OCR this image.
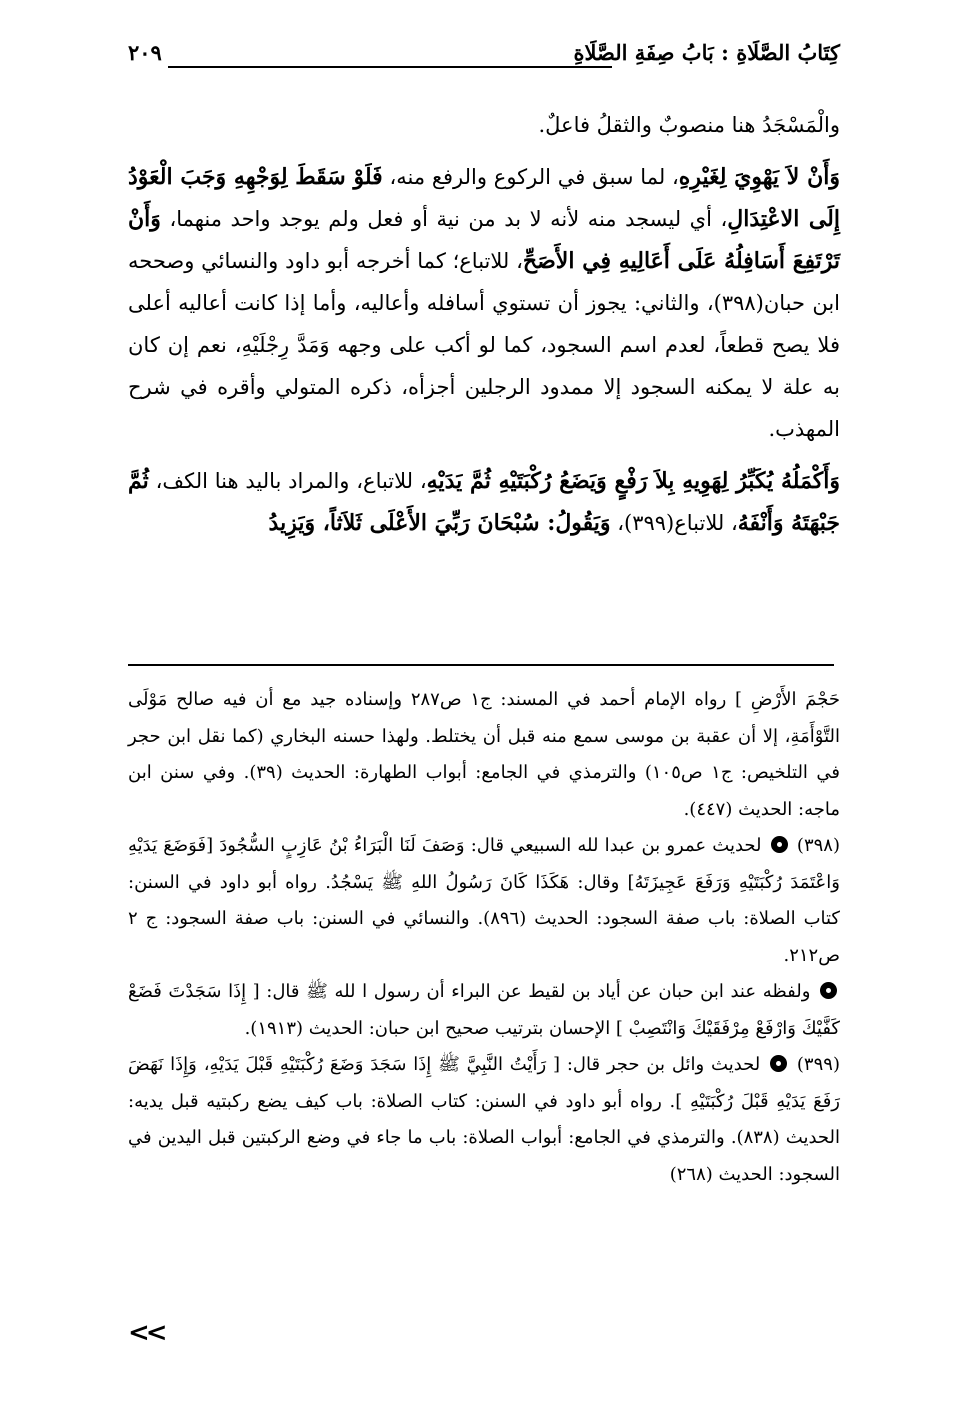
كِتَابُ الصَّلَاةِ : بَابُ صِفَةِ الصَّلَاةِ
٢٠٩

والْمَسْجَدُ هنا منصوبٌ والثقلُ فاعلٌ.

وَأَنْ لاَ يَهْوِيَ لِغَيْرِهِ، لما سبق في الركوع والرفع منه، فَلَوْ سَقَطَ لِوَجْهِهِ وَجَبَ الْعَوْدُ إِلَى الاعْتِدَالِ، أي ليسجد منه لأنه لا بد من نية أو فعل ولم يوجد واحد منهما، وَأَنْ تَرْتَفِعَ أَسَافِلُهُ عَلَى أَعَالِيهِ فِي الأَصَحِّ، للاتباع؛ كما أخرجه أبو داود والنسائي وصححه ابن حبان(٣٩٨)، والثاني: يجوز أن تستوي أسافله وأعاليه، وأما إذا كانت أعاليه أعلى فلا يصح قطعاً، لعدم اسم السجود، كما لو أكب على وجهه وَمَدَّ رِجْلَيْهِ، نعم إن كان به علة لا يمكنه السجود إلا ممدود الرجلين أجزأه، ذكره المتولي وأقره في شرح المهذب.

وَأَكْمَلُهُ يُكَبِّرُ لِهَوِيهِ بِلاَ رَفْعٍ وَيَضَعُ رُكْبَتَيْهِ ثُمَّ يَدَيْهِ، للاتباع، والمراد باليد هنا الكف، ثُمَّ جَبْهَتَهُ وَأَنْفَهُ، للاتباع(٣٩٩)، وَيَقُولُ: سُبْحَانَ رَبِّيَ الأَعْلَى ثَلاَثاً، وَيَزِيدُ

حَجْمَ الأَرْضِ ] رواه الإمام أحمد في المسند: ج١ ص٢٨٧ وإسناده جيد مع أن فيه صالح مَوْلَى التَّوْأَمَةِ، إلا أن عقبة بن موسى سمع منه قبل أن يختلط. ولهذا حسنه البخاري (كما نقل ابن حجر في التلخيص: ج١ ص١٠٥) والترمذي في الجامع: أبواب الطهارة: الحديث (٣٩). وفي سنن ابن ماجه: الحديث (٤٤٧).

(٣٩٨)  لحديث عمرو بن عبدا لله السبيعي قال: وَصَفَ لَنَا الْبَرَاءُ بْنُ عَازِبٍ السُّجُودَ [فَوَضَعَ يَدَيْهِ وَاعْتَمَدَ رُكْبَتَيْهِ وَرَفَعَ عَجِيزَتَهُ] وقال: هَكَذَا كَانَ رَسُولُ اللهِ ﷺ يَسْجُدُ. رواه أبو داود في السنن: كتاب الصلاة: باب صفة السجود: الحديث (٨٩٦). والنسائي في السنن: باب صفة السجود: ج ٢ ص٢١٢.

ولفظه عند ابن حبان عن أياد بن لقيط عن البراء أن رسول ا لله ﷺ قال: [ إِذَا سَجَدْتَ فَضَعْ كَفَّيْكَ وَارْفَعْ مِرْفَقَيْكَ وَانْتَصِبْ ] الإحسان بترتيب صحيح ابن حبان: الحديث (١٩١٣).

(٣٩٩)  لحديث وائل بن حجر قال: [ رَأَيْتُ النَّبِيَّ ﷺ إِذَا سَجَدَ وَضَعَ رُكْبَتَيْهِ قَبْلَ يَدَيْهِ، وَإِذَا نَهَضَ رَفَعَ يَدَيْهِ قَبْلَ رُكْبَتَيْهِ ]. رواه أبو داود في السنن: كتاب الصلاة: باب كيف يضع ركبتيه قبل يديه: الحديث (٨٣٨). والترمذي في الجامع: أبواب الصلاة: باب ما جاء في وضع الركبتين قبل اليدين في السجود: الحديث (٢٦٨)

<<
